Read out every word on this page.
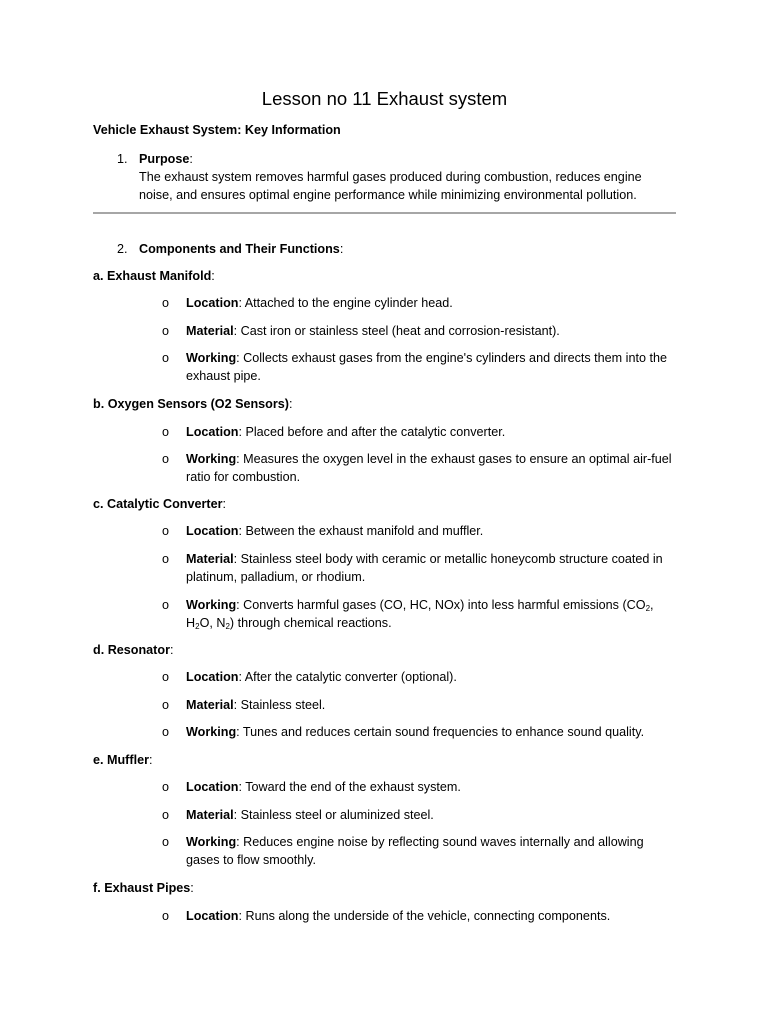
Lesson no 11 Exhaust system
Vehicle Exhaust System: Key Information
1. Purpose:
The exhaust system removes harmful gases produced during combustion, reduces engine noise, and ensures optimal engine performance while minimizing environmental pollution.
2. Components and Their Functions:
a. Exhaust Manifold:
o Location: Attached to the engine cylinder head.
o Material: Cast iron or stainless steel (heat and corrosion-resistant).
o Working: Collects exhaust gases from the engine's cylinders and directs them into the exhaust pipe.
b. Oxygen Sensors (O2 Sensors):
o Location: Placed before and after the catalytic converter.
o Working: Measures the oxygen level in the exhaust gases to ensure an optimal air-fuel ratio for combustion.
c. Catalytic Converter:
o Location: Between the exhaust manifold and muffler.
o Material: Stainless steel body with ceramic or metallic honeycomb structure coated in platinum, palladium, or rhodium.
o Working: Converts harmful gases (CO, HC, NOx) into less harmful emissions ($CO_2$, $H_2O$, $N_2$) through chemical reactions.
d. Resonator:
o Location: After the catalytic converter (optional).
o Material: Stainless steel.
o Working: Tunes and reduces certain sound frequencies to enhance sound quality.
e. Muffler:
o Location: Toward the end of the exhaust system.
o Material: Stainless steel or aluminized steel.
o Working: Reduces engine noise by reflecting sound waves internally and allowing gases to flow smoothly.
f. Exhaust Pipes:
o Location: Runs along the underside of the vehicle, connecting components.
